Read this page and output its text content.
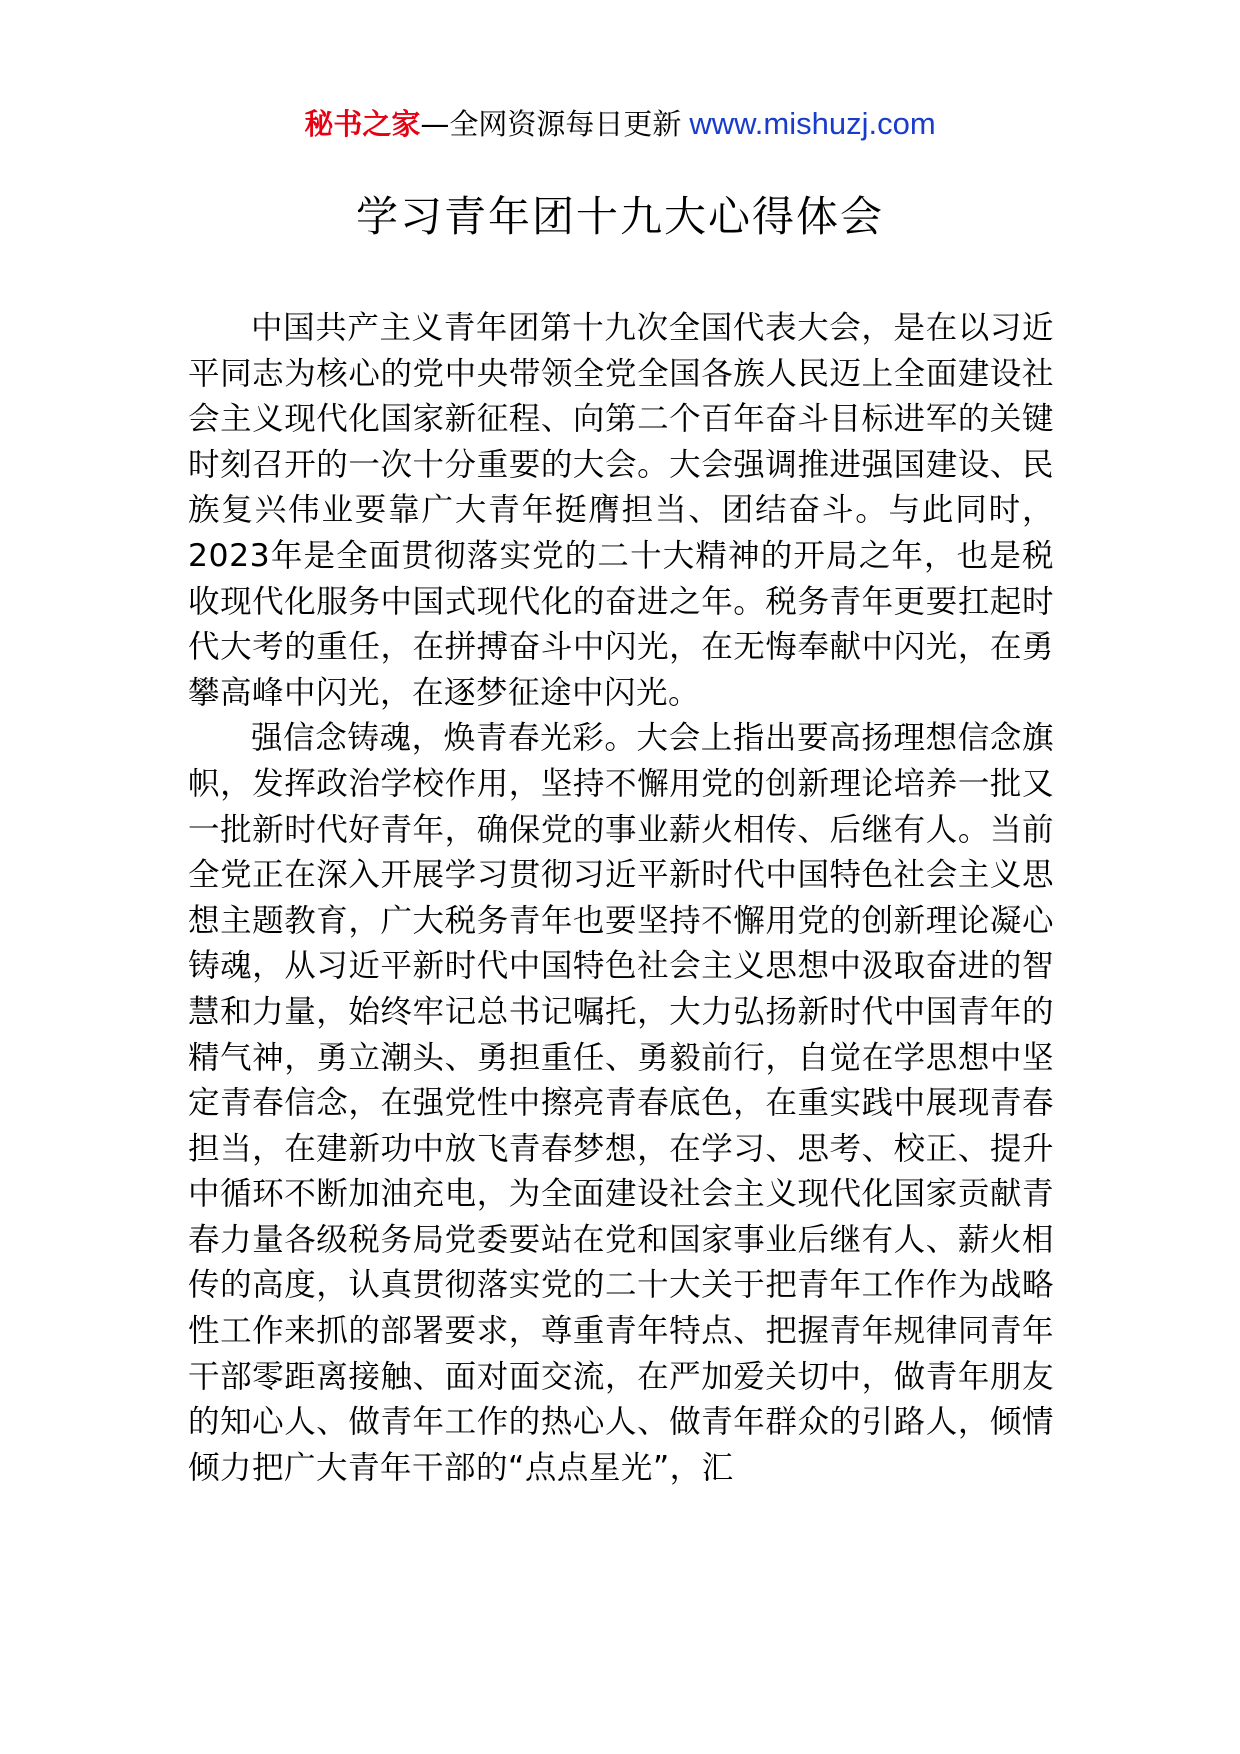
秘书之家—全网资源每日更新 www.mishuzj.com
学习青年团十九大心得体会

中国共产主义青年团第十九次全国代表大会，是在以习近平同志为核心的党中央带领全党全国各族人民迈上全面建设社会主义现代化国家新征程、向第二个百年奋斗目标进军的关键时刻召开的一次十分重要的大会。大会强调推进强国建设、民族复兴伟业要靠广大青年挺膺担当、团结奋斗。与此同时，2023年是全面贯彻落实党的二十大精神的开局之年，也是税收现代化服务中国式现代化的奋进之年。税务青年更要扛起时代大考的重任，在拼搏奋斗中闪光，在无悔奉献中闪光，在勇攀高峰中闪光，在逐梦征途中闪光。

强信念铸魂，焕青春光彩。大会上指出要高扬理想信念旗帜，发挥政治学校作用，坚持不懈用党的创新理论培养一批又一批新时代好青年，确保党的事业薪火相传、后继有人。当前全党正在深入开展学习贯彻习近平新时代中国特色社会主义思想主题教育，广大税务青年也要坚持不懈用党的创新理论凝心铸魂，从习近平新时代中国特色社会主义思想中汲取奋进的智慧和力量，始终牢记总书记嘱托，大力弘扬新时代中国青年的精气神，勇立潮头、勇担重任、勇毅前行，自觉在学思想中坚定青春信念，在强党性中擦亮青春底色，在重实践中展现青春担当，在建新功中放飞青春梦想，在学习、思考、校正、提升中循环不断加油充电，为全面建设社会主义现代化国家贡献青春力量各级税务局党委要站在党和国家事业后继有人、薪火相传的高度，认真贯彻落实党的二十大关于把青年工作作为战略性工作来抓的部署要求，尊重青年特点、把握青年规律同青年干部零距离接触、面对面交流，在严加爱关切中，做青年朋友的知心人、做青年工作的热心人、做青年群众的引路人，倾情倾力把广大青年干部的“点点星光”，汇
